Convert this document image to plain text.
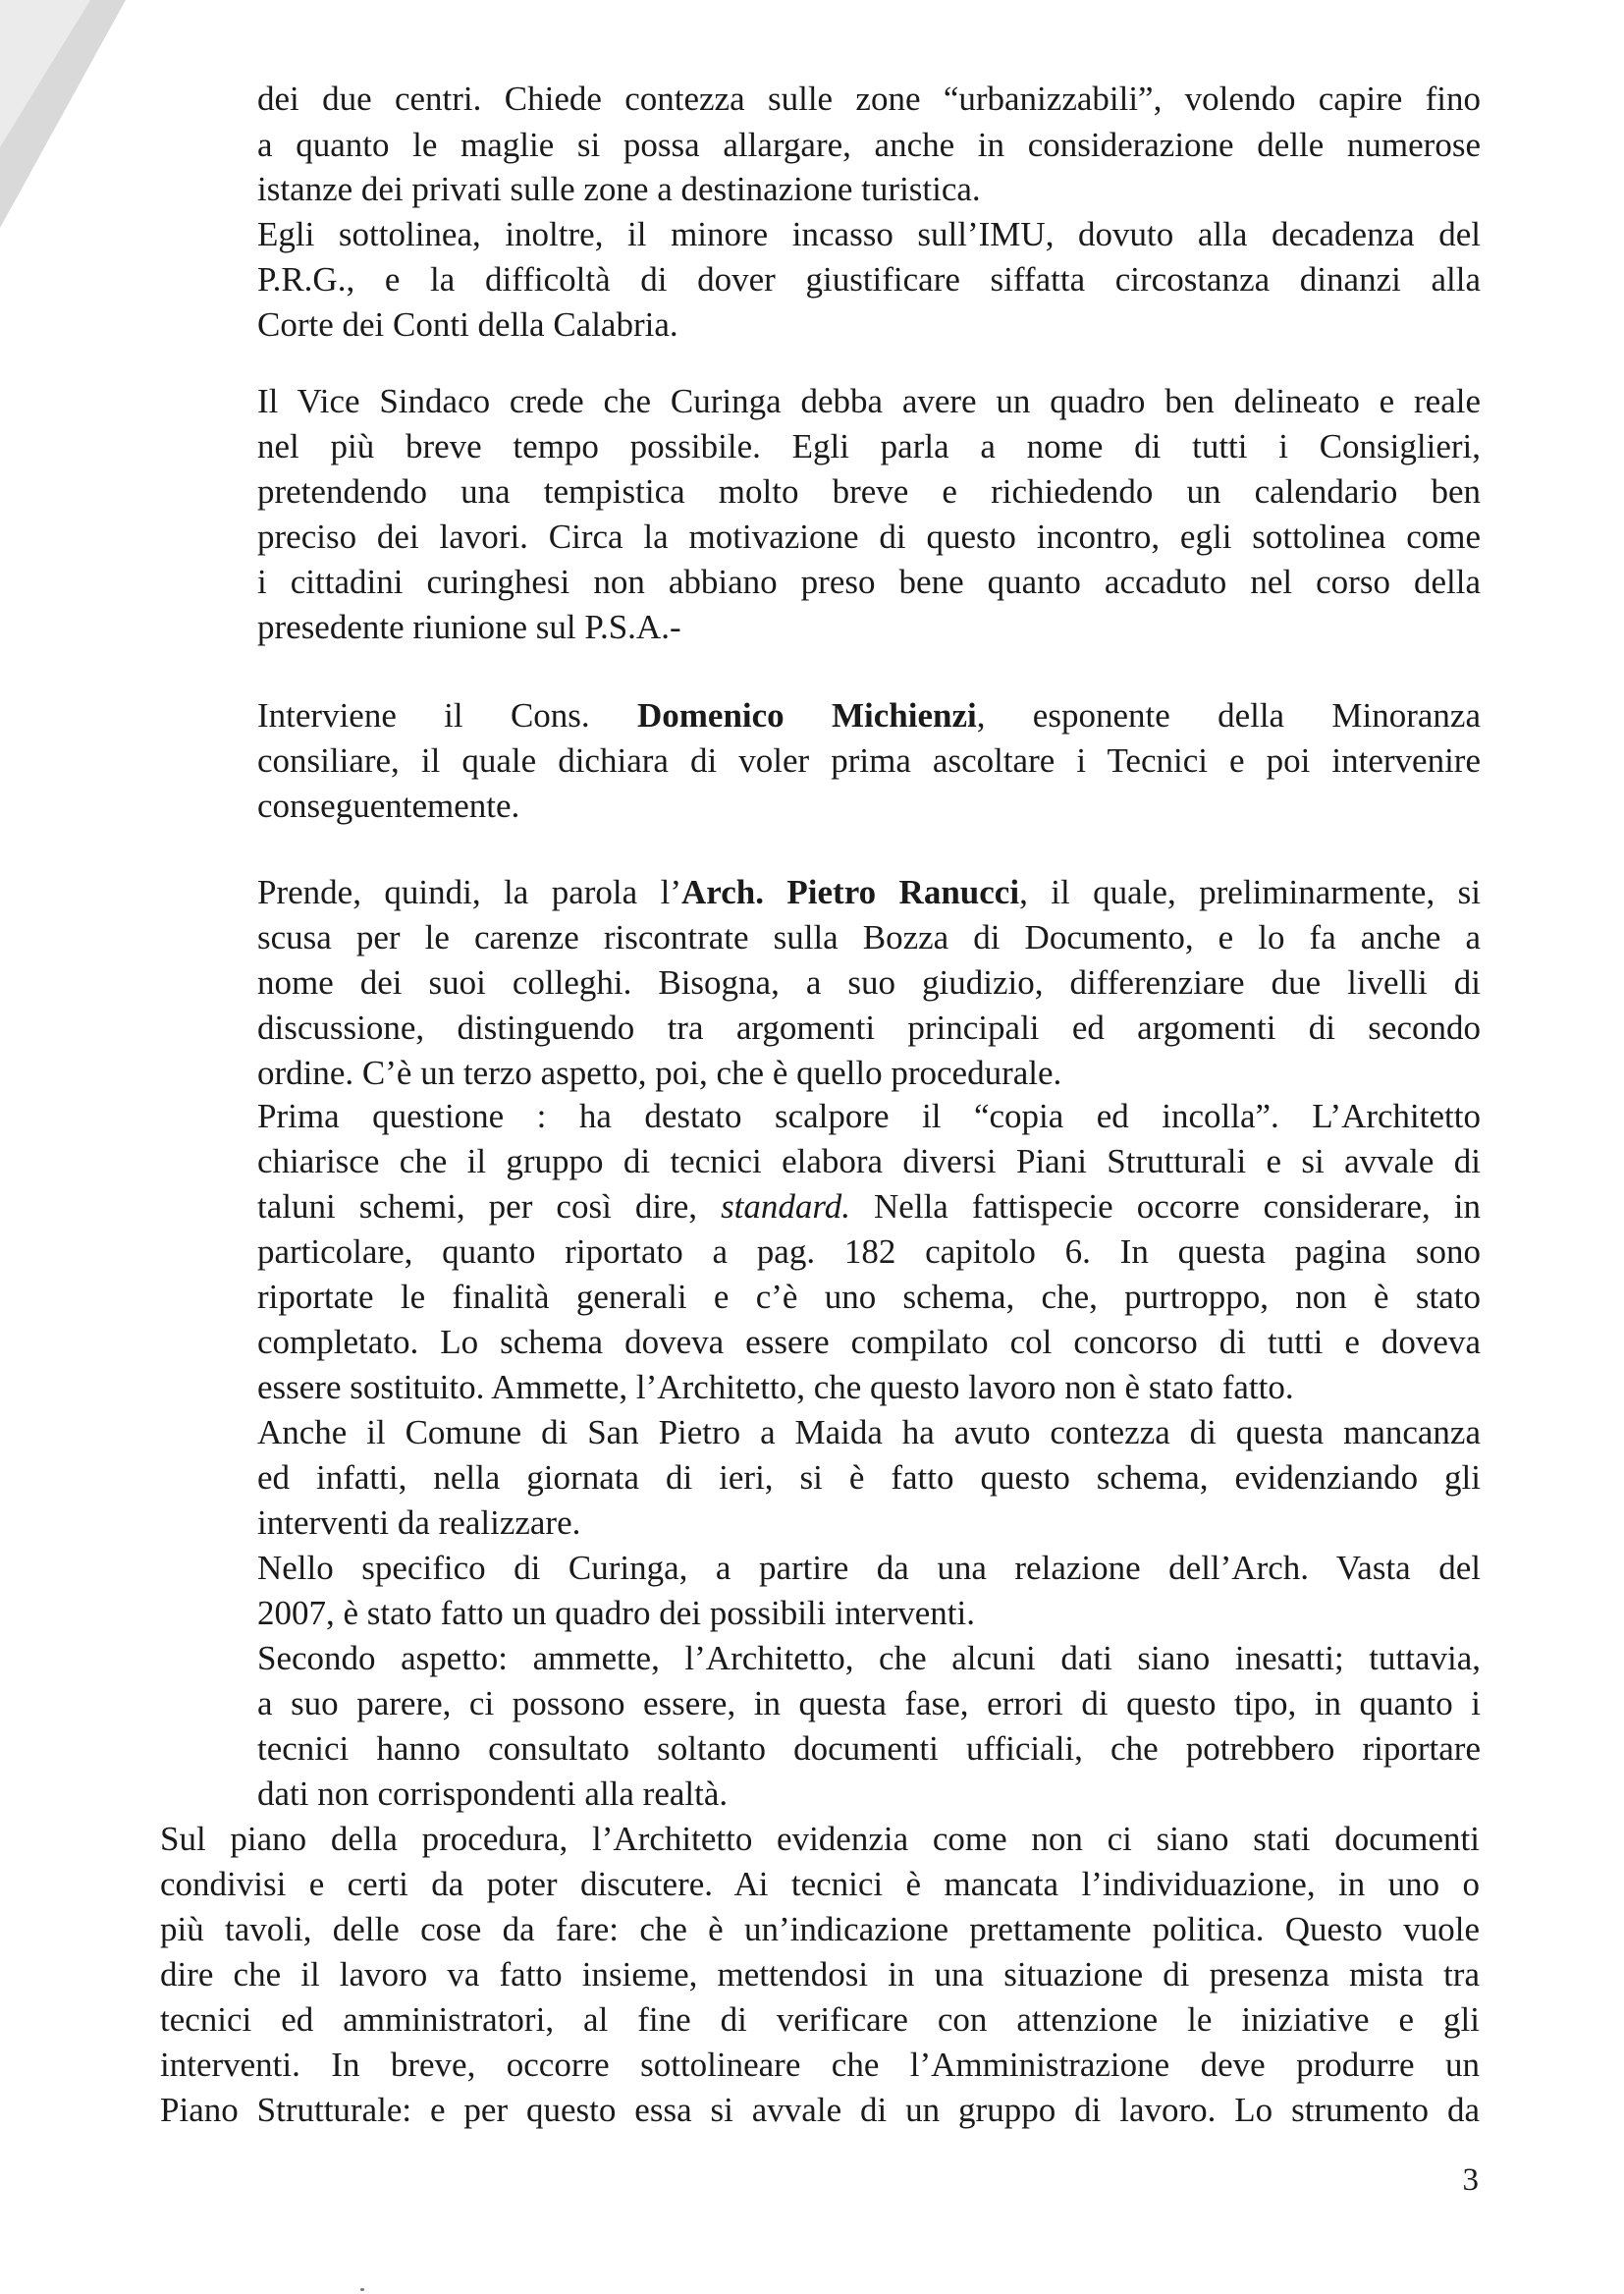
dei due centri. Chiede contezza sulle zone “urbanizzabili”, volendo capire fino
a quanto le maglie si possa allargare, anche in considerazione delle numerose
istanze dei privati sulle zone a destinazione turistica.
Egli sottolinea, inoltre, il minore incasso sull’IMU, dovuto alla decadenza del
P.R.G., e la difficoltà di dover giustificare siffatta circostanza dinanzi alla
Corte dei Conti della Calabria.
Il Vice Sindaco crede che Curinga debba avere un quadro ben delineato e reale
nel più breve tempo possibile. Egli parla a nome di tutti i Consiglieri,
pretendendo una tempistica molto breve e richiedendo un calendario ben
preciso dei lavori. Circa la motivazione di questo incontro, egli sottolinea come
i cittadini curinghesi non abbiano preso bene quanto accaduto nel corso della
presedente riunione sul P.S.A.-
Interviene il Cons. Domenico Michienzi, esponente della Minoranza
consiliare, il quale dichiara di voler prima ascoltare i Tecnici e poi intervenire
conseguentemente.
Prende, quindi, la parola l’Arch. Pietro Ranucci, il quale, preliminarmente, si
scusa per le carenze riscontrate sulla Bozza di Documento, e lo fa anche a
nome dei suoi colleghi. Bisogna, a suo giudizio, differenziare due livelli di
discussione, distinguendo tra argomenti principali ed argomenti di secondo
ordine. C’è un terzo aspetto, poi, che è quello procedurale.
Prima questione : ha destato scalpore il “copia ed incolla”. L’Architetto
chiarisce che il gruppo di tecnici elabora diversi Piani Strutturali e si avvale di
taluni schemi, per così dire, standard. Nella fattispecie occorre considerare, in
particolare, quanto riportato a pag. 182 capitolo 6. In questa pagina sono
riportate le finalità generali e c’è uno schema, che, purtroppo, non è stato
completato. Lo schema doveva essere compilato col concorso di tutti e doveva
essere sostituito. Ammette, l’Architetto, che questo lavoro non è stato fatto.
Anche il Comune di San Pietro a Maida ha avuto contezza di questa mancanza
ed infatti, nella giornata di ieri, si è fatto questo schema, evidenziando gli
interventi da realizzare.
Nello specifico di Curinga, a partire da una relazione dell’Arch. Vasta del
2007, è stato fatto un quadro dei possibili interventi.
Secondo aspetto: ammette, l’Architetto, che alcuni dati siano inesatti; tuttavia,
a suo parere, ci possono essere, in questa fase, errori di questo tipo, in quanto i
tecnici hanno consultato soltanto documenti ufficiali, che potrebbero riportare
dati non corrispondenti alla realtà.
Sul piano della procedura, l’Architetto evidenzia come non ci siano stati documenti
condivisi e certi da poter discutere. Ai tecnici è mancata l’individuazione, in uno o
più tavoli, delle cose da fare: che è un’indicazione prettamente politica. Questo vuole
dire che il lavoro va fatto insieme, mettendosi in una situazione di presenza mista tra
tecnici ed amministratori, al fine di verificare con attenzione le iniziative e gli
interventi. In breve, occorre sottolineare che l’Amministrazione deve produrre un
Piano Strutturale: e per questo essa si avvale di un gruppo di lavoro. Lo strumento da
3
